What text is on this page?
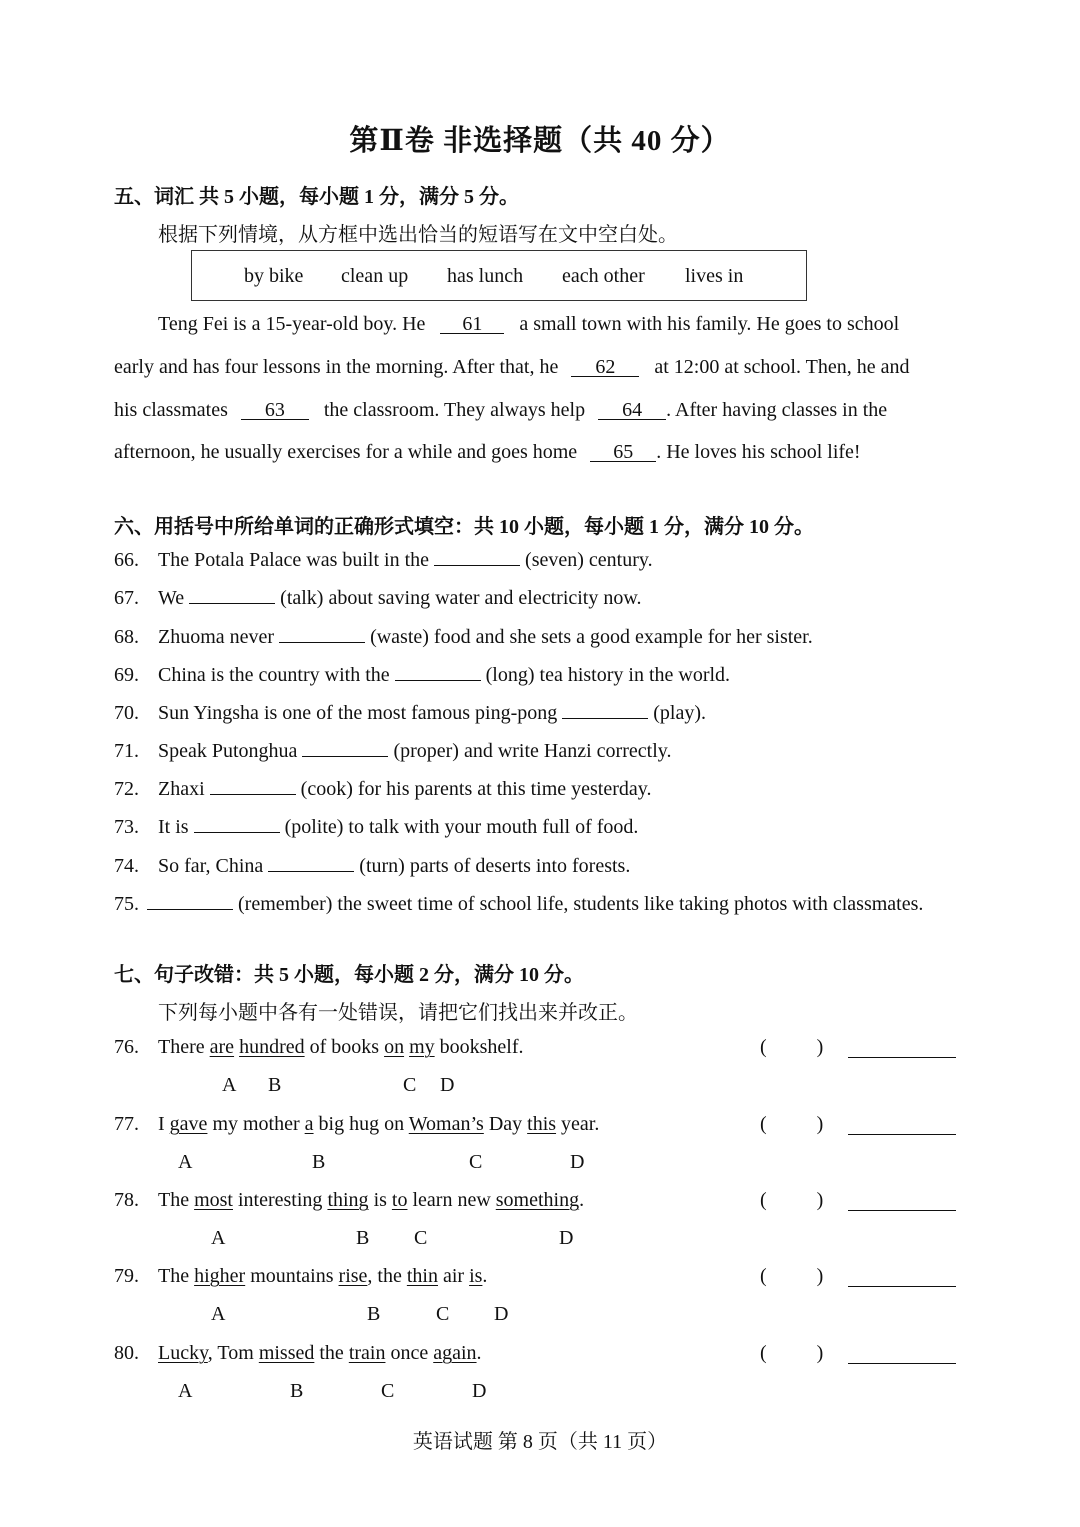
第Ⅱ卷 非选择题（共 40 分）
五、词汇 共 5 小题，每小题 1 分，满分 5 分。
根据下列情境，从方框中选出恰当的短语写在文中空白处。
by bike clean up has lunch each other lives in
Teng Fei is a 15-year-old boy. He 61 a small town with his family. He goes to school
early and has four lessons in the morning. After that, he 62 at 12:00 at school. Then, he and
his classmates 63 the classroom. They always help 64 . After having classes in the
afternoon, he usually exercises for a while and goes home 65 . He loves his school life!
六、用括号中所给单词的正确形式填空：共 10 小题，每小题 1 分，满分 10 分。
66. The Potala Palace was built in the	(seven) century.
67. We	(talk) about saving water and electricity now.
68. Zhuoma never	(waste) food and she sets a good example for her sister.
69. China is the country with the	(long) tea history in the world.
70. Sun Yingsha is one of the most famous ping-pong	(play).
71. Speak Putonghua	(proper) and write Hanzi correctly.
72. Zhaxi	(cook) for his parents at this time yesterday.
73. It is	(polite) to talk with your mouth full of food.
74. So far, China	(turn) parts of deserts into forests.
75.	(remember) the sweet time of school life, students like taking photos with classmates.
七、句子改错：共 5 小题，每小题 2 分，满分 10 分。
下列每小题中各有一处错误，请把它们找出来并改正。
76. There are hundred of books on my bookshelf.	(          )
A B	C D
77. I gave my mother a big hug on Woman’s Day this year.	(          )
A	B	C	D
78. The most interesting thing is to learn new something.	(          )
A	B C	D
79. The higher mountains rise, the thin air is.	(          )
A	B	C D
80. Lucky, Tom missed the train once again.	(          )
A	B	C	D
英语试题 第 8 页（共 11 页）
